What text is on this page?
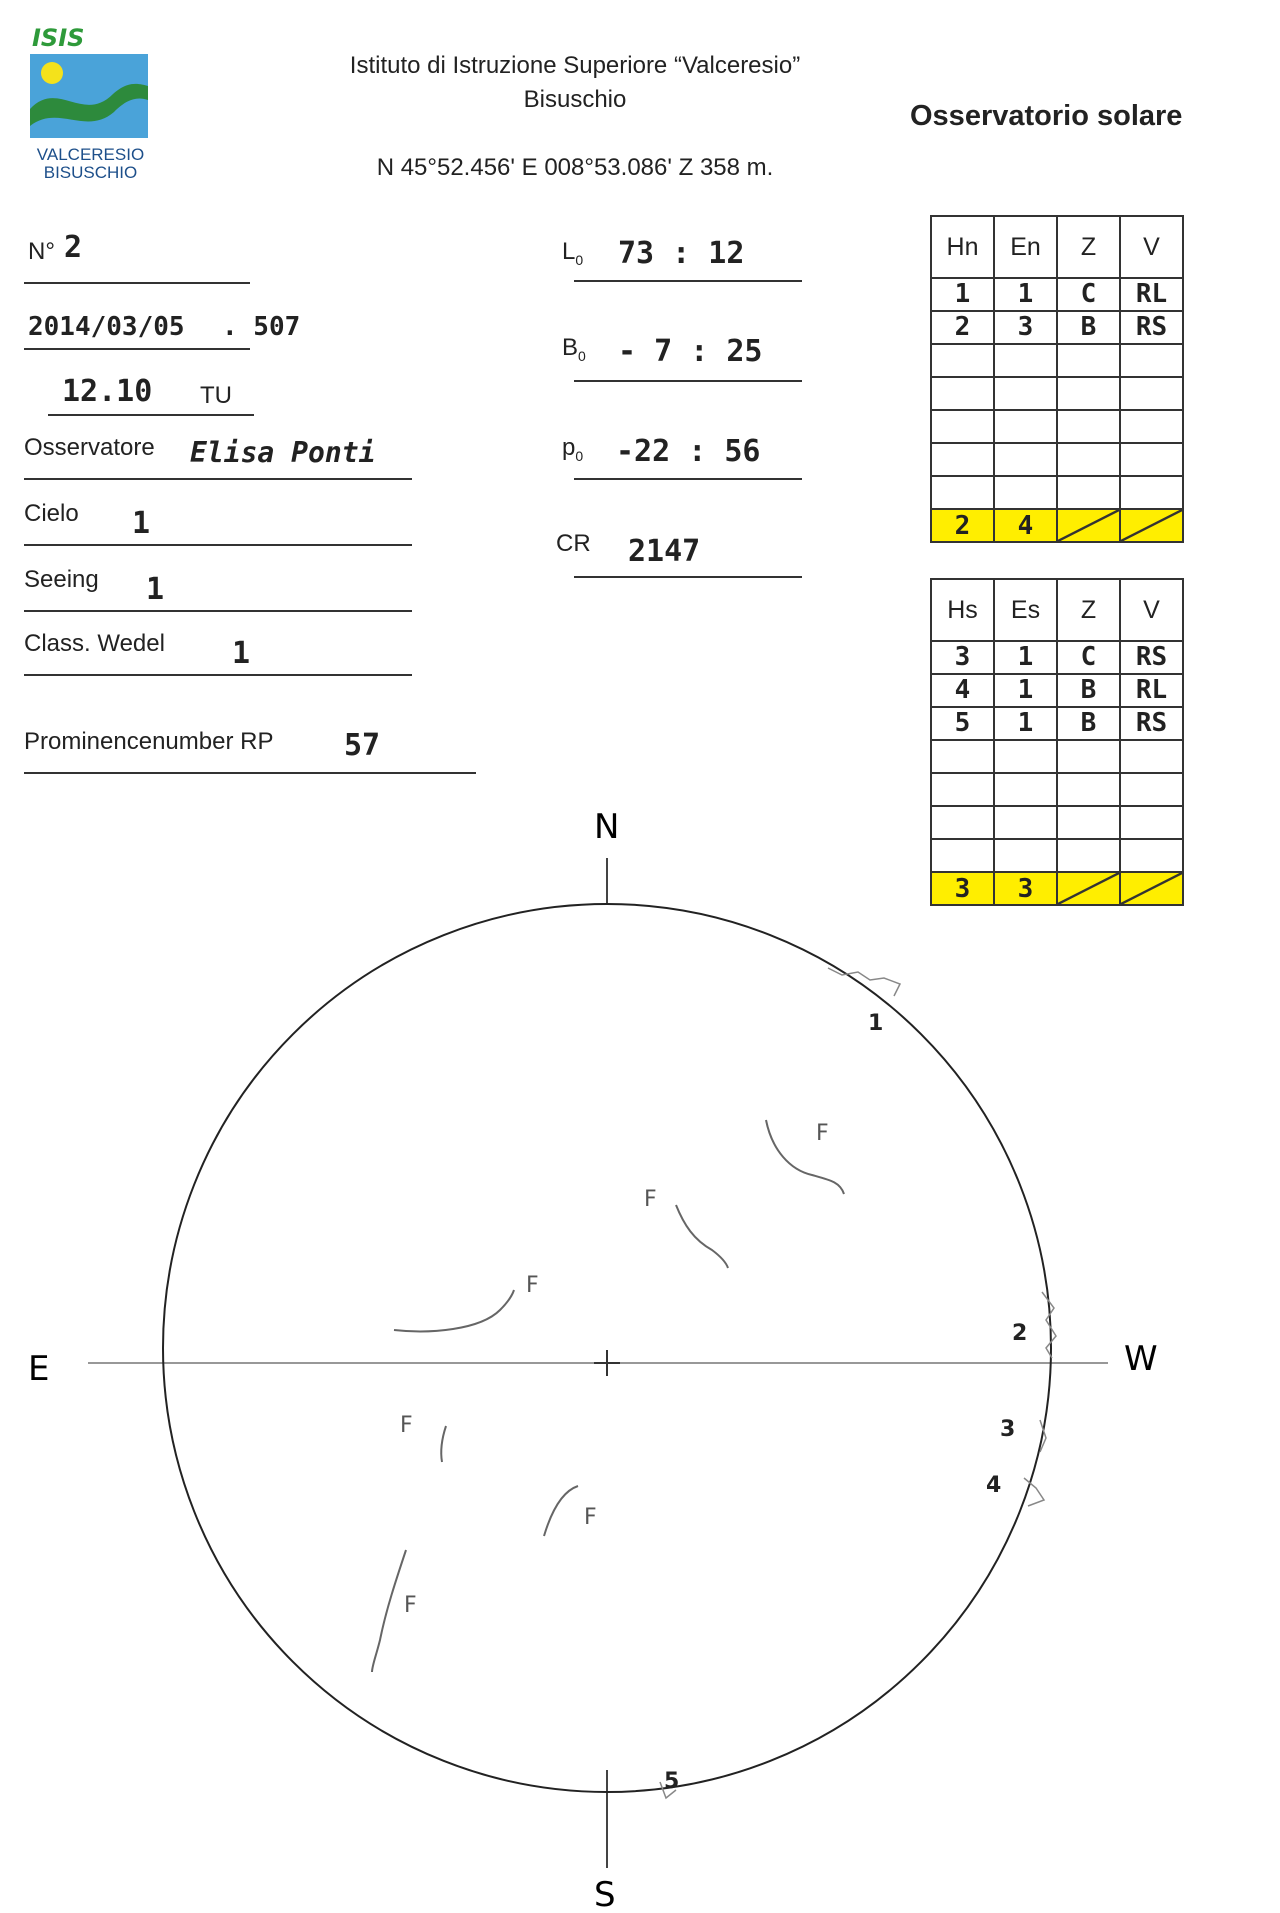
ISIS
VALCERESIO
BISUSCHIO
Istituto di Istruzione Superiore “Valceresio”
Bisuschio
N 45°52.456' E 008°53.086' Z 358 m.
Osservatorio solare
N° 2
2014/03/05 . 507
12.10 TU
Osservatore Elisa Ponti
Cielo 1
Seeing 1
Class. Wedel 1
Prominencenumber RP 57
$L_0$ 73 : 12
$B_0 - 7$ : 25
$p_0$ -22 : 56
CR 2147
Hn	En	Z	V
1	1	C	RL
2	3	B	RS

2	4	

Hs	Es	Z	V
3	1	C	RS
4	1	B	RL
5	1	B	RS

3	3	

N
S
E	W
1
2
3
4
5
F
F
F
F
F
F
